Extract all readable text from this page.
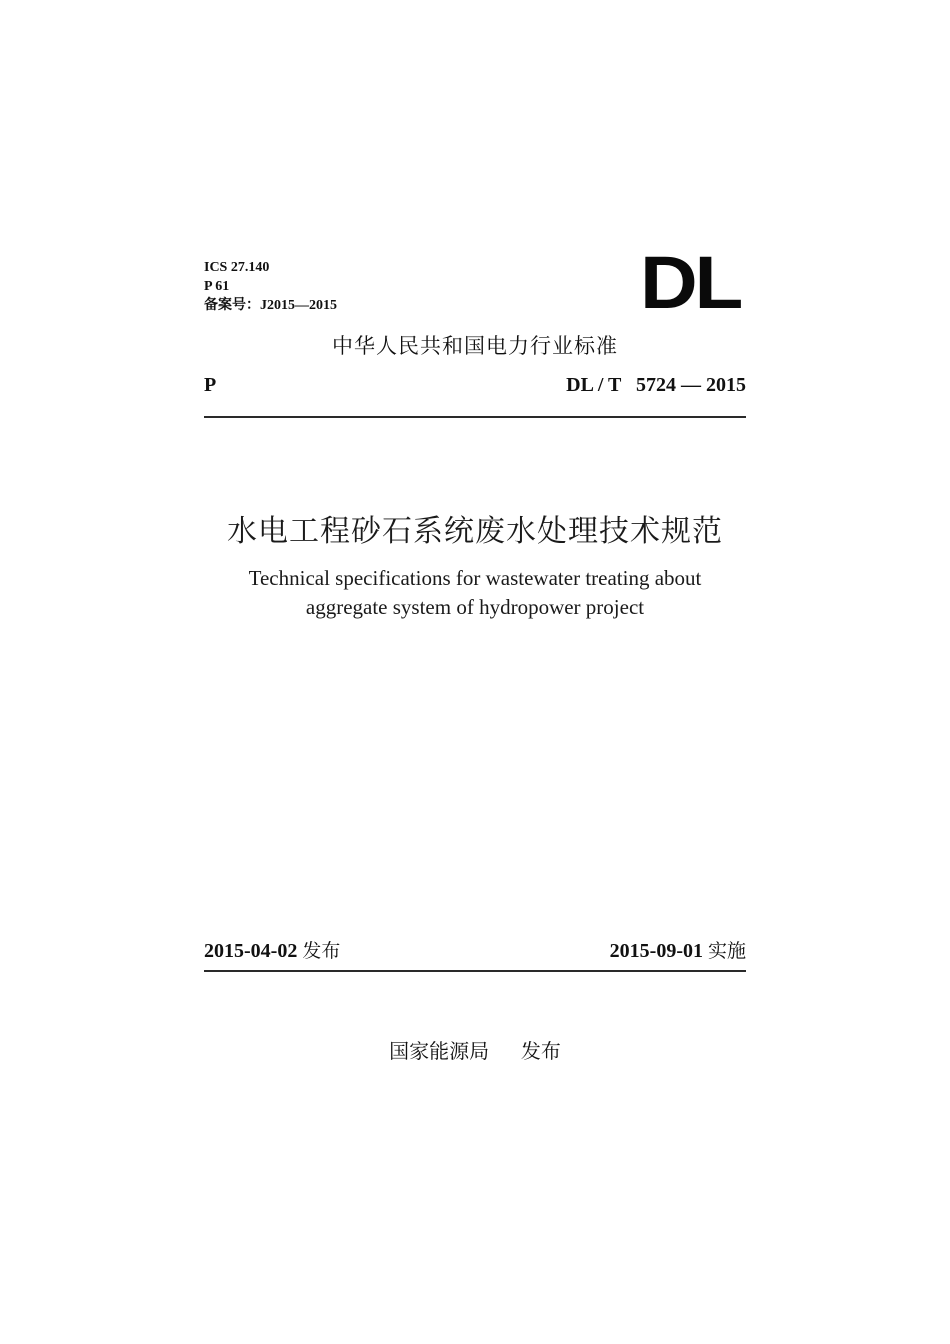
ICS 27.140
P 61
备案号：J2015—2015	DL
中华人民共和国电力行业标准
P	DL / T   5724 — 2015
水电工程砂石系统废水处理技术规范
Technical specifications for wastewater treating about
aggregate system of hydropower project
2015-04-02 发布	2015-09-01 实施
国家能源局 发布
